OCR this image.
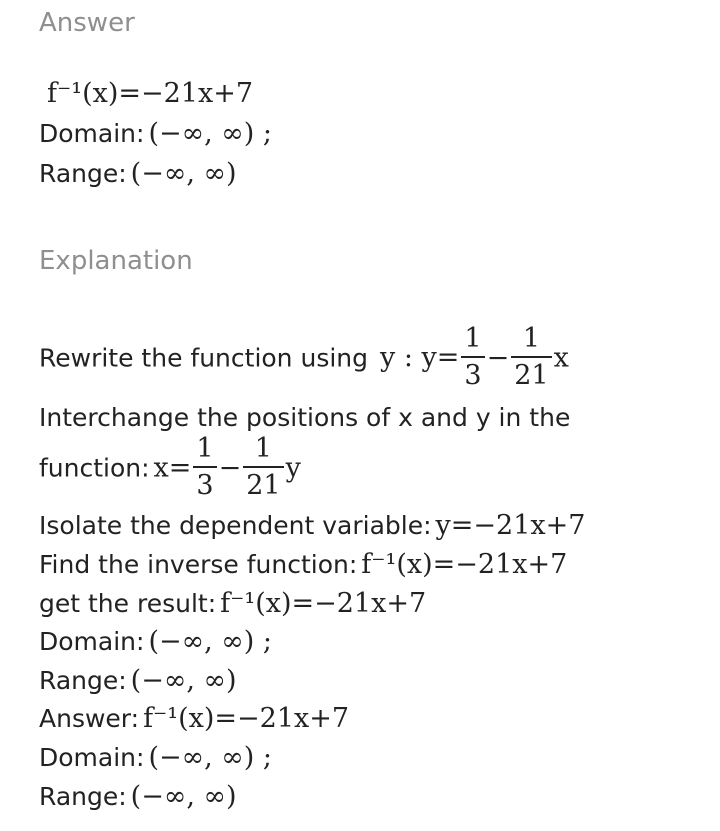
Answer
f⁻¹(x)=−21x+7
Domain: (−∞, ∞) ;
Range: (−∞, ∞)
Explanation
Rewrite the function using y : $y= \frac{1}{3} - \frac{1}{21}$ x
Interchange the positions of x and y in the
function: $x= \frac{1}{3} - \frac{1}{21}$ y
Isolate the dependent variable: y=−21x+7
Find the inverse function: f⁻¹(x)=−21x+7
get the result: f⁻¹(x)=−21x+7
Domain: (−∞, ∞) ;
Range: (−∞, ∞)
Answer: f⁻¹(x)=−21x+7
Domain: (−∞, ∞) ;
Range: (−∞, ∞)
